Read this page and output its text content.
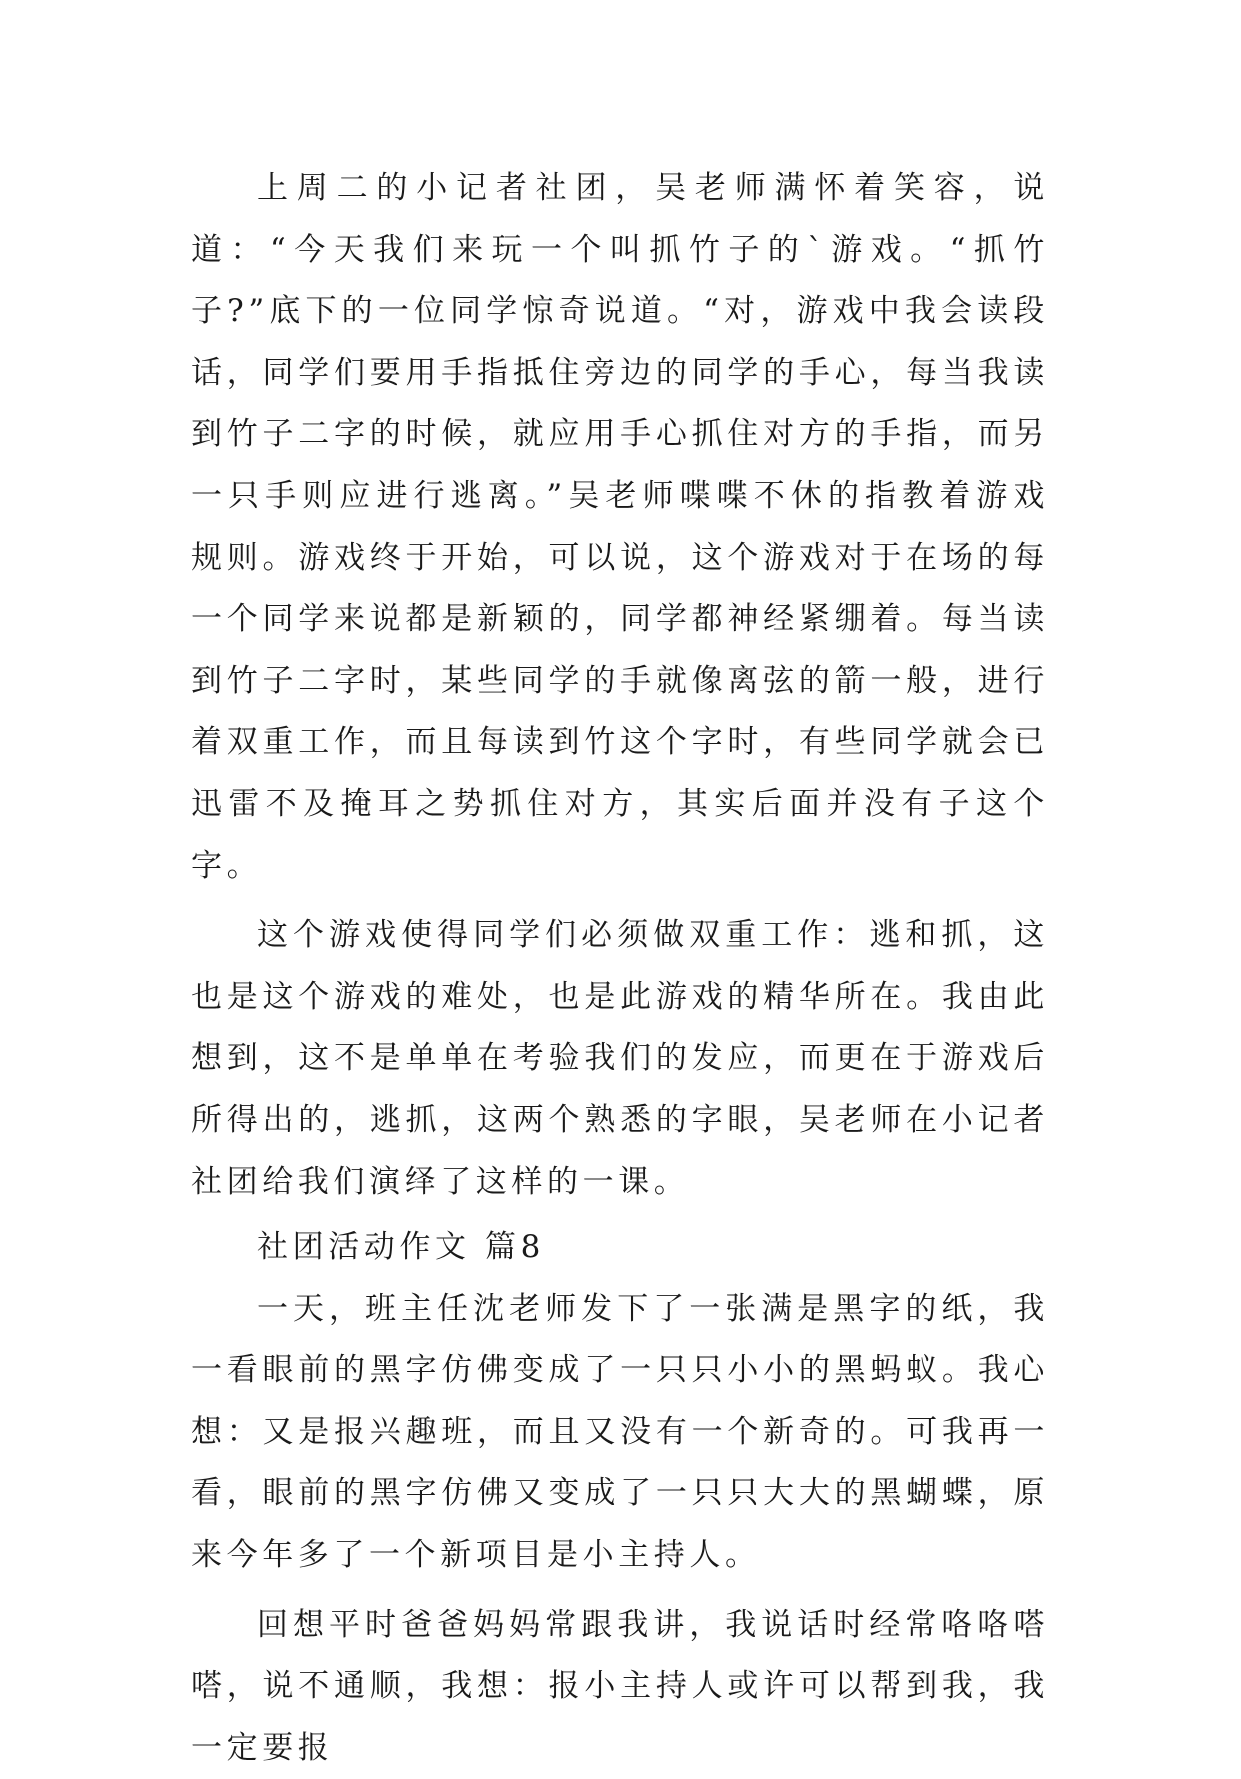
上周二的小记者社团，吴老师满怀着笑容，说道：“今天我们来玩一个叫抓竹子的`游戏。“抓竹子?”底下的一位同学惊奇说道。“对，游戏中我会读段话，同学们要用手指抵住旁边的同学的手心，每当我读到竹子二字的时候，就应用手心抓住对方的手指，而另一只手则应进行逃离。”吴老师喋喋不休的指教着游戏规则。游戏终于开始，可以说，这个游戏对于在场的每一个同学来说都是新颖的，同学都神经紧绷着。每当读到竹子二字时，某些同学的手就像离弦的箭一般，进行着双重工作，而且每读到竹这个字时，有些同学就会已迅雷不及掩耳之势抓住对方，其实后面并没有子这个字。

这个游戏使得同学们必须做双重工作：逃和抓，这也是这个游戏的难处，也是此游戏的精华所在。我由此想到，这不是单单在考验我们的发应，而更在于游戏后所得出的，逃抓，这两个熟悉的字眼，吴老师在小记者社团给我们演绎了这样的一课。

社团活动作文 篇8

一天，班主任沈老师发下了一张满是黑字的纸，我一看眼前的黑字仿佛变成了一只只小小的黑蚂蚁。我心想：又是报兴趣班，而且又没有一个新奇的。可我再一看，眼前的黑字仿佛又变成了一只只大大的黑蝴蝶，原来今年多了一个新项目是小主持人。

回想平时爸爸妈妈常跟我讲，我说话时经常咯咯嗒嗒，说不通顺，我想：报小主持人或许可以帮到我，我一定要报
